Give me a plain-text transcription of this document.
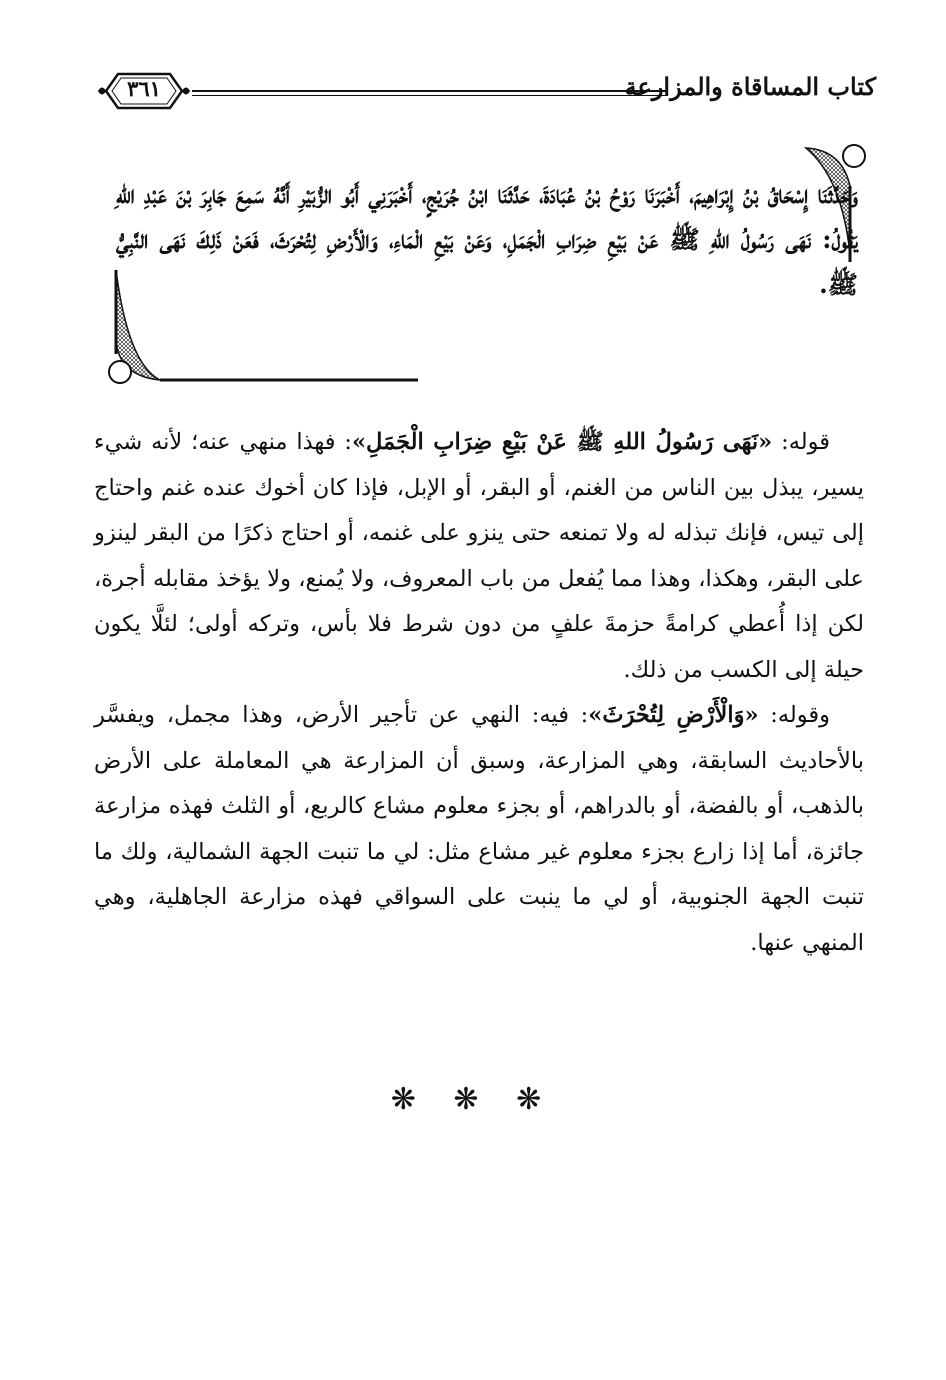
كتاب المساقاة والمزارعة
٣٦١
وَحَدَّثَنَا إِسْحَاقُ بْنُ إِبْرَاهِيمَ، أَخْبَرَنَا رَوْحُ بْنُ عُبَادَةَ، حَدَّثَنَا ابْنُ جُرَيْجٍ، أَخْبَرَنِي أَبُو الزُّبَيْرِ أَنَّهُ سَمِعَ جَابِرَ بْنَ عَبْدِ اللهِ يَقُولُ: نَهَى رَسُولُ اللهِ ﷺ عَنْ بَيْعِ ضِرَابِ الْجَمَلِ، وَعَنْ بَيْعِ الْمَاءِ، وَالْأَرْضِ لِتُحْرَثَ، فَعَنْ ذَلِكَ نَهَى النَّبِيُّ ﷺ.

قوله: «نَهَى رَسُولُ اللهِ ﷺ عَنْ بَيْعِ ضِرَابِ الْجَمَلِ»: فهذا منهي عنه؛ لأنه شيء يسير، يبذل بين الناس من الغنم، أو البقر، أو الإبل، فإذا كان أخوك عنده غنم واحتاج إلى تيس، فإنك تبذله له ولا تمنعه حتى ينزو على غنمه، أو احتاج ذكرًا من البقر لينزو على البقر، وهكذا، وهذا مما يُفعل من باب المعروف، ولا يُمنع، ولا يؤخذ مقابله أجرة، لكن إذا أُعطي كرامةً حزمةَ علفٍ من دون شرط فلا بأس، وتركه أولى؛ لئلَّا يكون حيلة إلى الكسب من ذلك.

وقوله: «وَالْأَرْضِ لِتُحْرَثَ»: فيه: النهي عن تأجير الأرض، وهذا مجمل، ويفسَّر بالأحاديث السابقة، وهي المزارعة، وسبق أن المزارعة هي المعاملة على الأرض بالذهب، أو بالفضة، أو بالدراهم، أو بجزء معلوم مشاع كالربع، أو الثلث فهذه مزارعة جائزة، أما إذا زارع بجزء معلوم غير مشاع مثل: لي ما تنبت الجهة الشمالية، ولك ما تنبت الجهة الجنوبية، أو لي ما ينبت على السواقي فهذه مزارعة الجاهلية، وهي المنهي عنها.

❋ ❋ ❋
